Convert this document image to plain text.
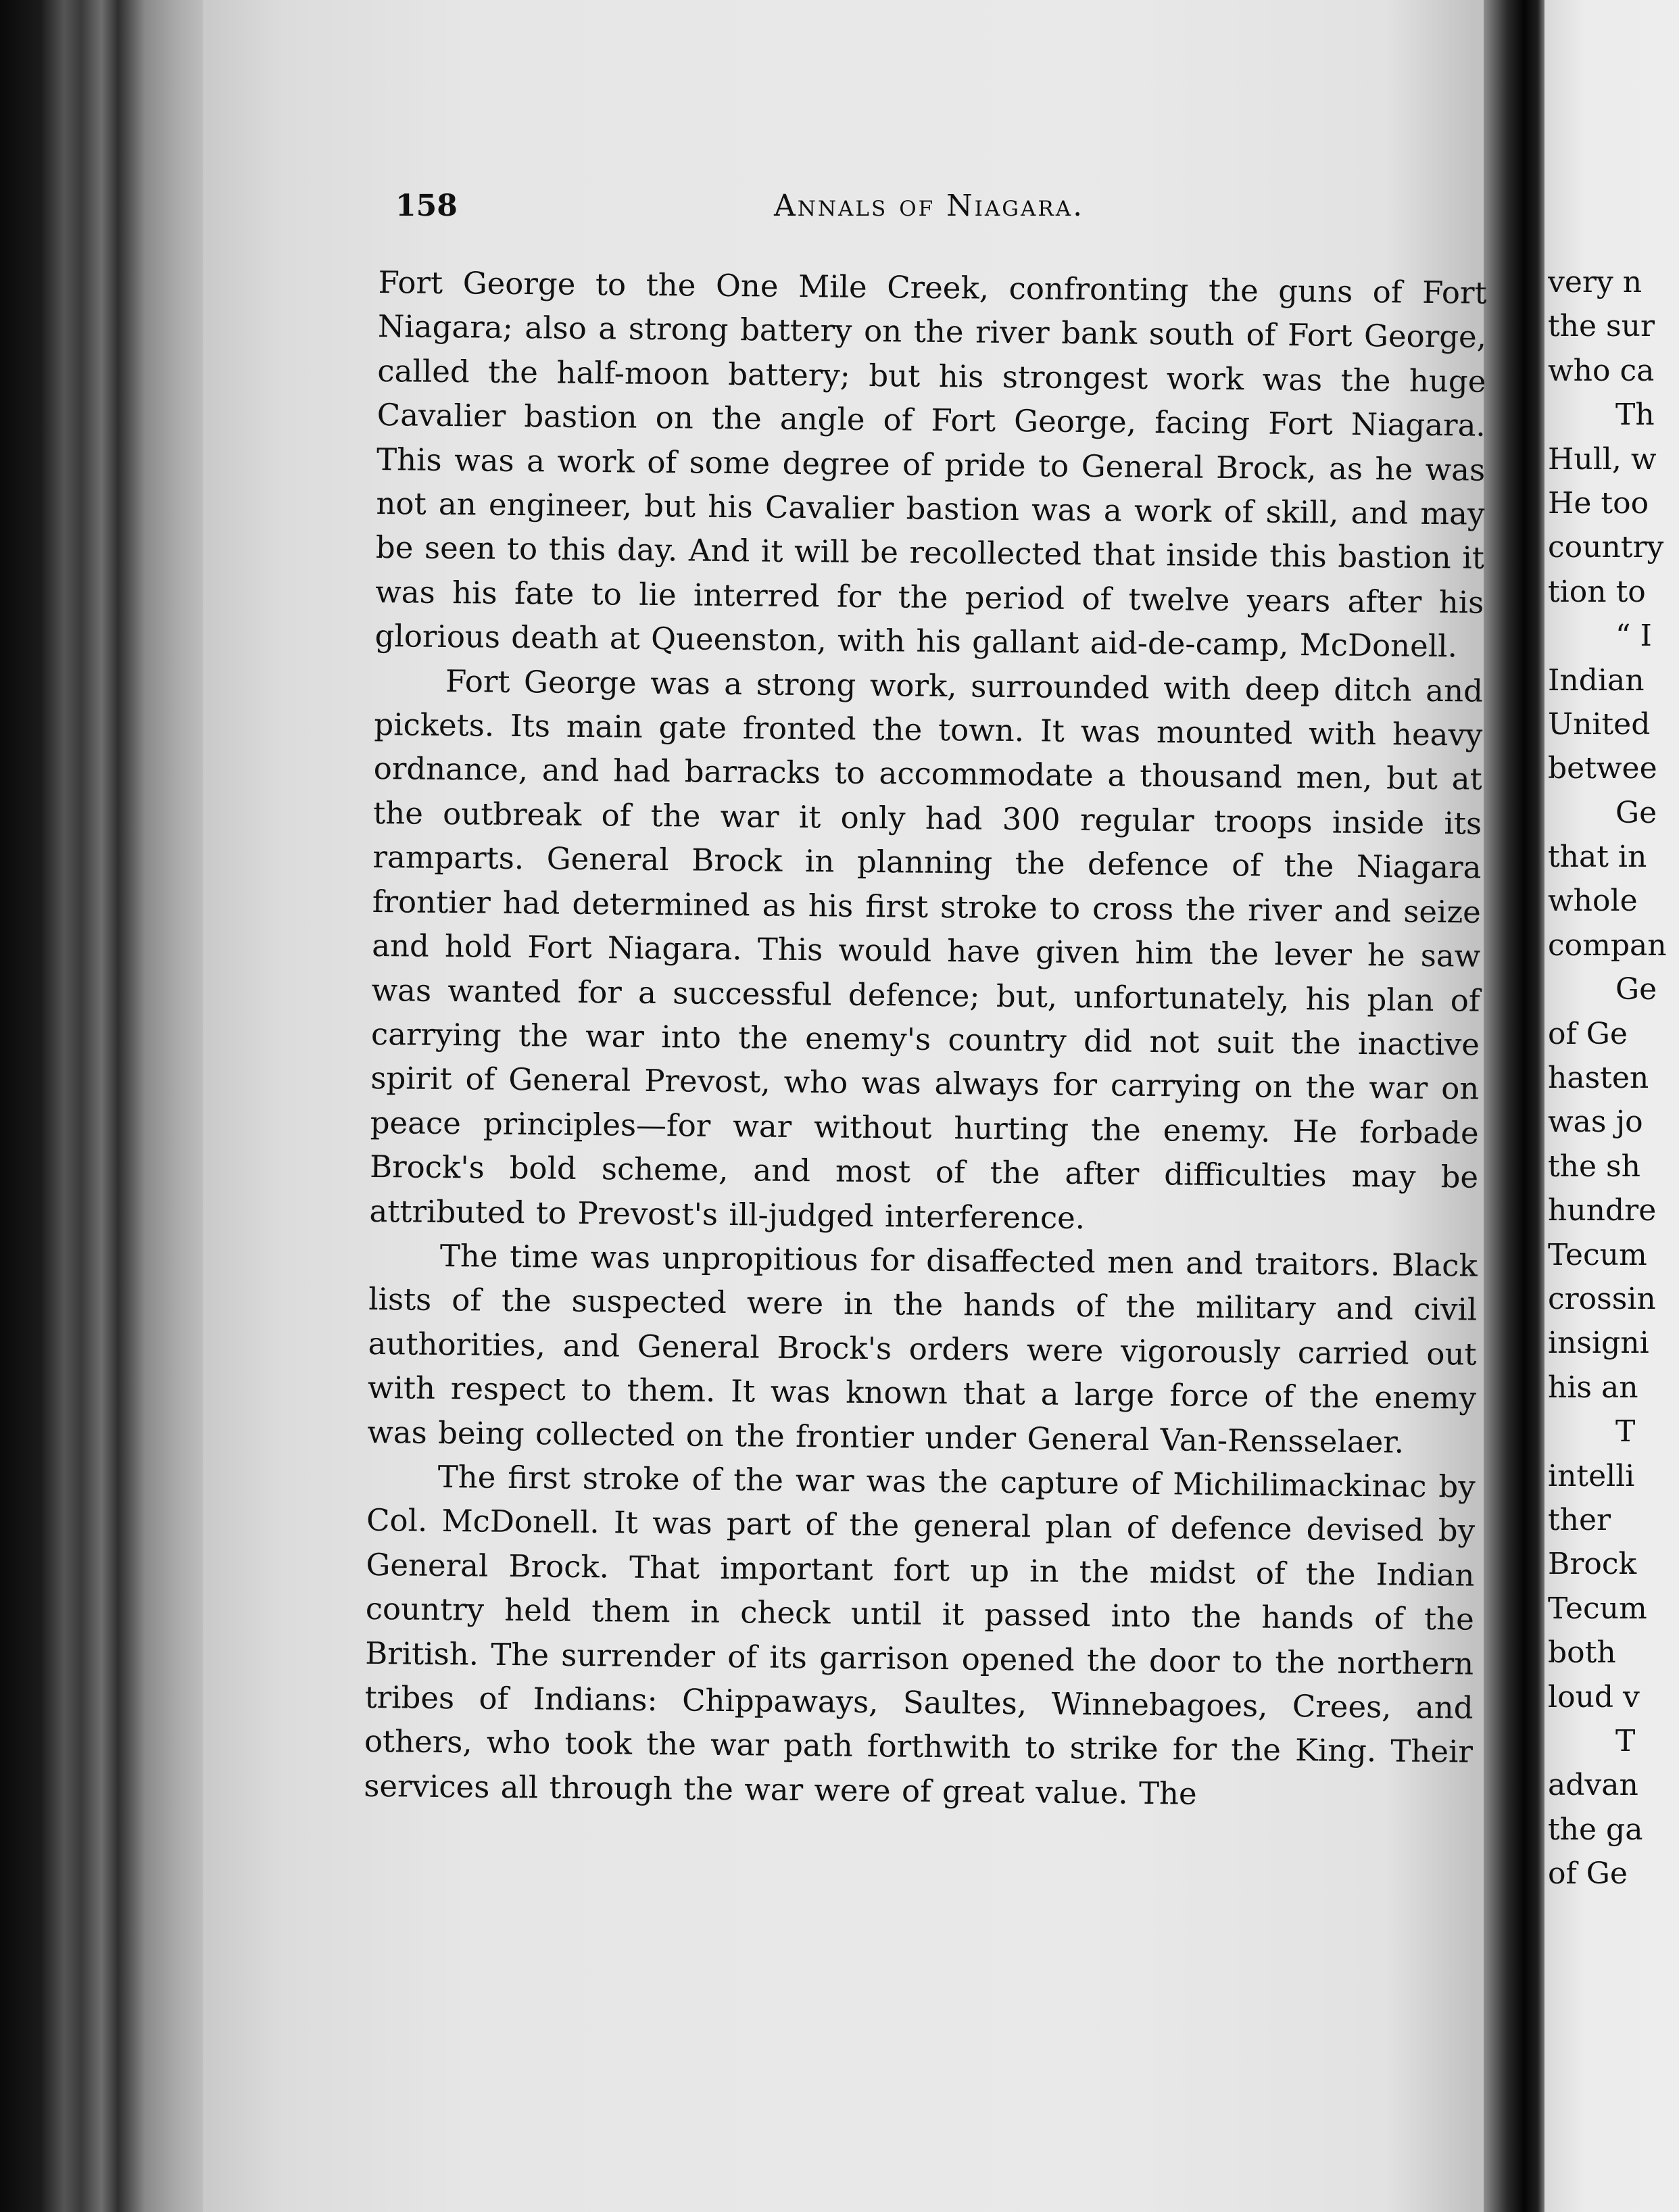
158	Annals of Niagara.

Fort George to the One Mile Creek, confronting the guns of Fort Niagara; also a strong battery on the river bank south of Fort George, called the half-moon battery; but his strongest work was the huge Cavalier bastion on the angle of Fort George, facing Fort Niagara. This was a work of some degree of pride to General Brock, as he was not an engineer, but his Cavalier bastion was a work of skill, and may be seen to this day. And it will be recollected that inside this bastion it was his fate to lie interred for the period of twelve years after his glorious death at Queenston, with his gallant aid-de-camp, McDonell.

Fort George was a strong work, surrounded with deep ditch and pickets. Its main gate fronted the town. It was mounted with heavy ordnance, and had barracks to accommodate a thousand men, but at the outbreak of the war it only had 300 regular troops inside its ramparts. General Brock in planning the defence of the Niagara frontier had determined as his first stroke to cross the river and seize and hold Fort Niagara. This would have given him the lever he saw was wanted for a successful defence; but, unfortunately, his plan of carrying the war into the enemy's country did not suit the inactive spirit of General Prevost, who was always for carrying on the war on peace principles—for war without hurting the enemy. He forbade Brock's bold scheme, and most of the after difficulties may be attributed to Prevost's ill-judged interference.

The time was unpropitious for disaffected men and traitors. Black lists of the suspected were in the hands of the military and civil authorities, and General Brock's orders were vigorously carried out with respect to them. It was known that a large force of the enemy was being collected on the frontier under General Van-Rensselaer.

The first stroke of the war was the capture of Michilimackinac by Col. McDonell. It was part of the general plan of defence devised by General Brock. That important fort up in the midst of the Indian country held them in check until it passed into the hands of the British. The surrender of its garrison opened the door to the northern tribes of Indians: Chippaways, Saultes, Winnebagoes, Crees, and others, who took the war path forthwith to strike for the King. Their services all through the war were of great value. The

very n
the sur
who ca
Th
Hull, w
He too
country
tion to
“ I
Indian
United
betwee
Ge
that in
whole
compan
Ge
of Ge
hasten
was jo
the sh
hundre
Tecum
crossin
insigni
his an
T
intelli
ther
Brock
Tecum
both
loud v
T
advan
the ga
of Ge
